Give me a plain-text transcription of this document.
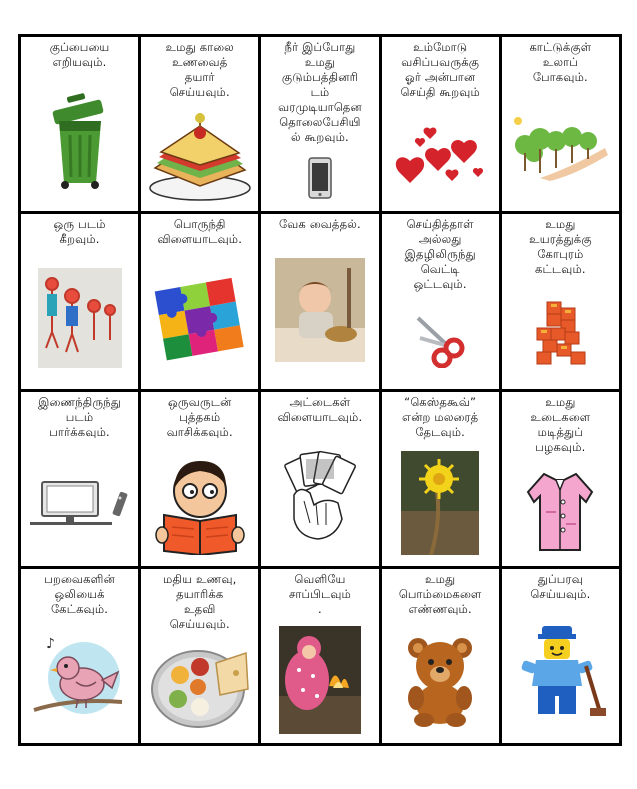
குப்பையை
எறியவும்.
உமது காலை
உணவைத்
தயார்
செய்யவும்.
நீர் இப்போது
உமது
குடும்பத்தினரி
டம்
வரமுடியாதென
தொலைபேசியி
ல் கூறவும்.
உம்மோடு
வசிப்பவருக்கு
ஓர் அன்பான
செய்தி கூறவும்
காட்டுக்குள்
உலாப்
போகவும்.
ஒரு படம்
கீறவும்.
பொருந்தி
விளையாடவும்.
வேக வைத்தல்.	செய்தித்தாள்
அல்லது
இதழிலிருந்து
வெட்டி
ஒட்டவும்.
உமது
உயரத்துக்கு
கோபுரம்
கட்டவும்.
இணைந்திருந்து
படம்
பார்க்கவும்.
ஒருவருடன்
புத்தகம்
வாசிக்கவும்.
அட்டைகள்
விளையாடவும்.
“கெஸ்தகூவ்”
என்ற மலரைத்
தேடவும்.
உமது
உடைகளை
மடித்துப்
பழகவும்.
பறவைகளின்
ஒலியைக்
கேட்கவும்.
♪
மதிய உணவு,
தயாரிக்க
உதவி
செய்யவும்.
வெளியே
சாப்பிடவும்
.
உமது
பொம்மைகளை
எண்ணவும்.
துப்பரவு
செய்யவும்.
